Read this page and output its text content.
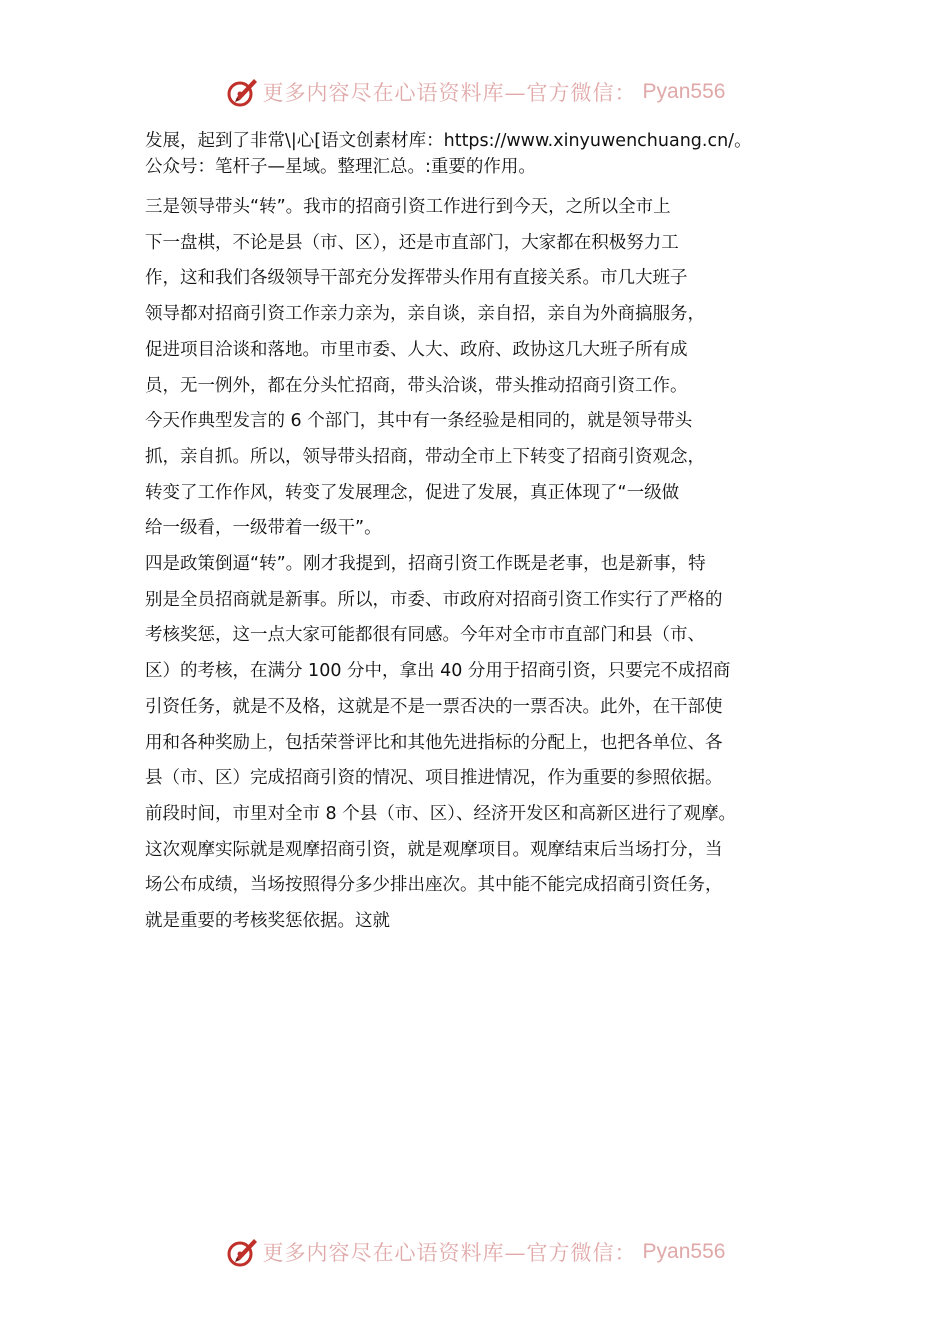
更多内容尽在心语资料库—官方微信： Pyan556
发展，起到了非常\|心[语文创素材库：https://www.xinyuwenchuang.cn/。
公众号：笔杆子—星域。整理汇总。:重要的作用。

三是领导带头“转”。我市的招商引资工作进行到今天，之所以全市上
下一盘棋，不论是县（市、区），还是市直部门，大家都在积极努力工
作，这和我们各级领导干部充分发挥带头作用有直接关系。市几大班子
领导都对招商引资工作亲力亲为，亲自谈，亲自招，亲自为外商搞服务，
促进项目洽谈和落地。市里市委、人大、政府、政协这几大班子所有成
员，无一例外，都在分头忙招商，带头洽谈，带头推动招商引资工作。
今天作典型发言的 6 个部门，其中有一条经验是相同的，就是领导带头
抓，亲自抓。所以，领导带头招商，带动全市上下转变了招商引资观念，
转变了工作作风，转变了发展理念，促进了发展，真正体现了“一级做
给一级看，一级带着一级干”。

四是政策倒逼“转”。刚才我提到，招商引资工作既是老事，也是新事，特
别是全员招商就是新事。所以，市委、市政府对招商引资工作实行了严格的
考核奖惩，这一点大家可能都很有同感。今年对全市市直部门和县（市、
区）的考核，在满分 100 分中，拿出 40 分用于招商引资，只要完不成招商
引资任务，就是不及格，这就是不是一票否决的一票否决。此外，在干部使
用和各种奖励上，包括荣誉评比和其他先进指标的分配上，也把各单位、各
县（市、区）完成招商引资的情况、项目推进情况，作为重要的参照依据。
前段时间，市里对全市 8 个县（市、区）、经济开发区和高新区进行了观摩。
这次观摩实际就是观摩招商引资，就是观摩项目。观摩结束后当场打分，当
场公布成绩，当场按照得分多少排出座次。其中能不能完成招商引资任务，
就是重要的考核奖惩依据。这就

更多内容尽在心语资料库—官方微信： Pyan556
